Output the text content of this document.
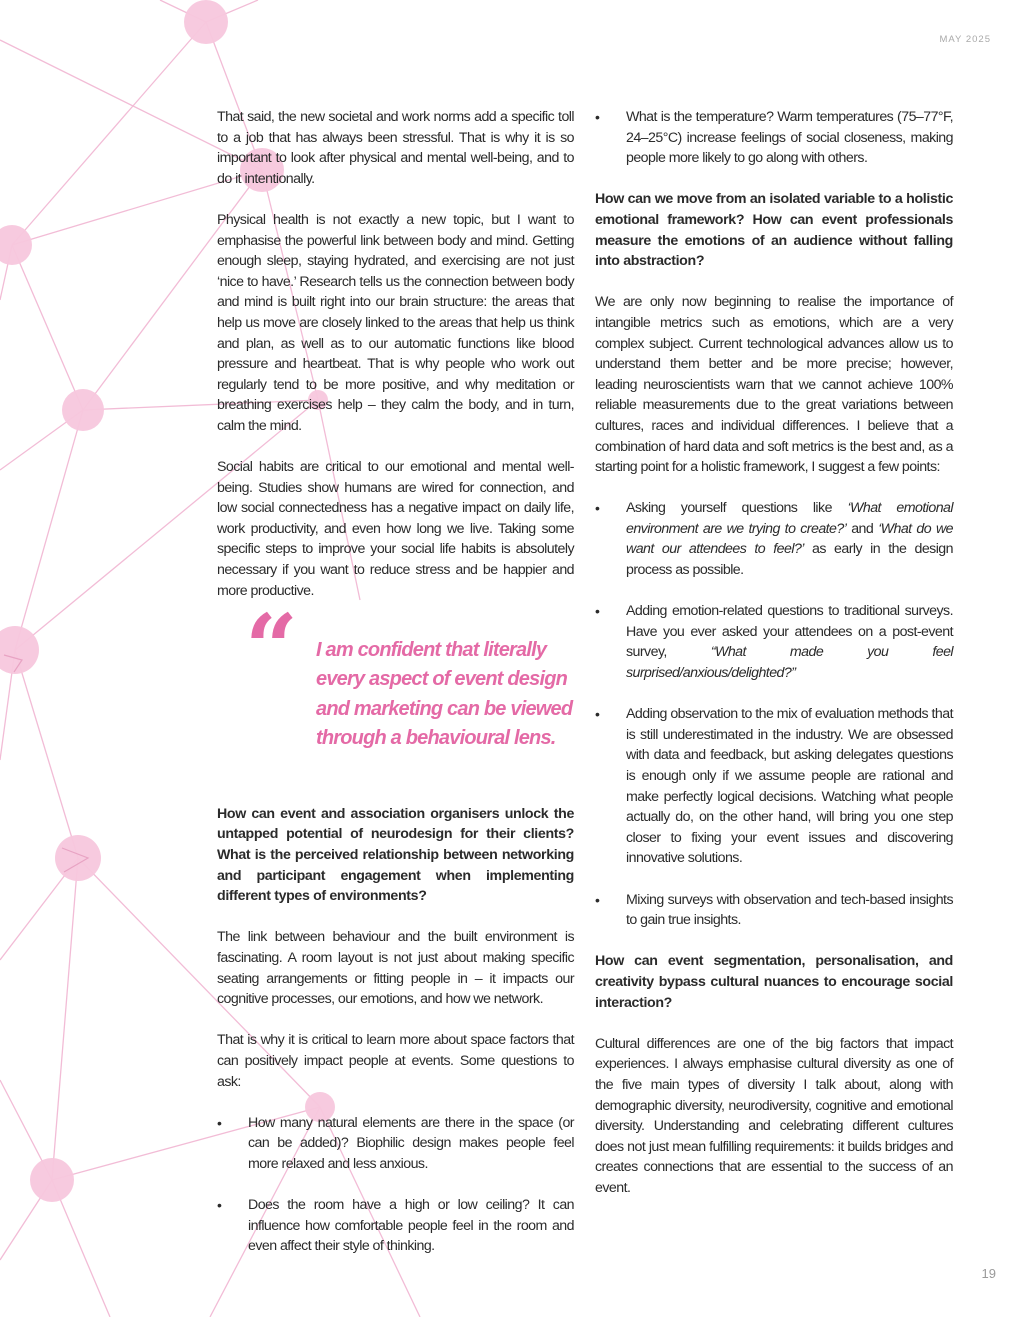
MAY 2025

That said, the new societal and work norms add a specific toll to a job that has always been stressful. That is why it is so important to look after physical and mental well-being, and to do it intentionally.

Physical health is not exactly a new topic, but I want to emphasise the powerful link between body and mind. Getting enough sleep, staying hydrated, and exercising are not just ‘nice to have.’ Research tells us the connection between body and mind is built right into our brain structure: the areas that help us move are closely linked to the areas that help us think and plan, as well as to our automatic functions like blood pressure and heartbeat. That is why people who work out regularly tend to be more positive, and why meditation or breathing exercises help – they calm the body, and in turn, calm the mind.

Social habits are critical to our emotional and mental well-being. Studies show humans are wired for connection, and low social connectedness has a negative impact on daily life, work productivity, and even how long we live. Taking some specific steps to improve your social life habits is absolutely necessary if you want to reduce stress and be happier and more productive.

“ I am confident that literally every aspect of event design and marketing can be viewed through a behavioural lens.

How can event and association organisers unlock the untapped potential of neurodesign for their clients? What is the perceived relationship between networking and participant engagement when implementing different types of environments?

The link between behaviour and the built environment is fascinating. A room layout is not just about making specific seating arrangements or fitting people in – it impacts our cognitive processes, our emotions, and how we network.

That is why it is critical to learn more about space factors that can positively impact people at events. Some questions to ask:

• How many natural elements are there in the space (or can be added)? Biophilic design makes people feel more relaxed and less anxious.
• Does the room have a high or low ceiling? It can influence how comfortable people feel in the room and even affect their style of thinking.
• What is the temperature? Warm temperatures (75–77°F, 24–25°C) increase feelings of social closeness, making people more likely to go along with others.

How can we move from an isolated variable to a holistic emotional framework? How can event professionals measure the emotions of an audience without falling into abstraction?

We are only now beginning to realise the importance of intangible metrics such as emotions, which are a very complex subject. Current technological advances allow us to understand them better and be more precise; however, leading neuroscientists warn that we cannot achieve 100% reliable measurements due to the great variations between cultures, races and individual differences. I believe that a combination of hard data and soft metrics is the best and, as a starting point for a holistic framework, I suggest a few points:

• Asking yourself questions like ‘What emotional environment are we trying to create?’ and ‘What do we want our attendees to feel?’ as early in the design process as possible.
• Adding emotion-related questions to traditional surveys. Have you ever asked your attendees on a post-event survey, “What made you feel surprised/anxious/delighted?”
• Adding observation to the mix of evaluation methods that is still underestimated in the industry. We are obsessed with data and feedback, but asking delegates questions is enough only if we assume people are rational and make perfectly logical decisions. Watching what people actually do, on the other hand, will bring you one step closer to fixing your event issues and discovering innovative solutions.
• Mixing surveys with observation and tech-based insights to gain true insights.

How can event segmentation, personalisation, and creativity bypass cultural nuances to encourage social interaction?

Cultural differences are one of the big factors that impact experiences. I always emphasise cultural diversity as one of the five main types of diversity I talk about, along with demographic diversity, neurodiversity, cognitive and emotional diversity. Understanding and celebrating different cultures does not just mean fulfilling requirements: it builds bridges and creates connections that are essential to the success of an event.

19
